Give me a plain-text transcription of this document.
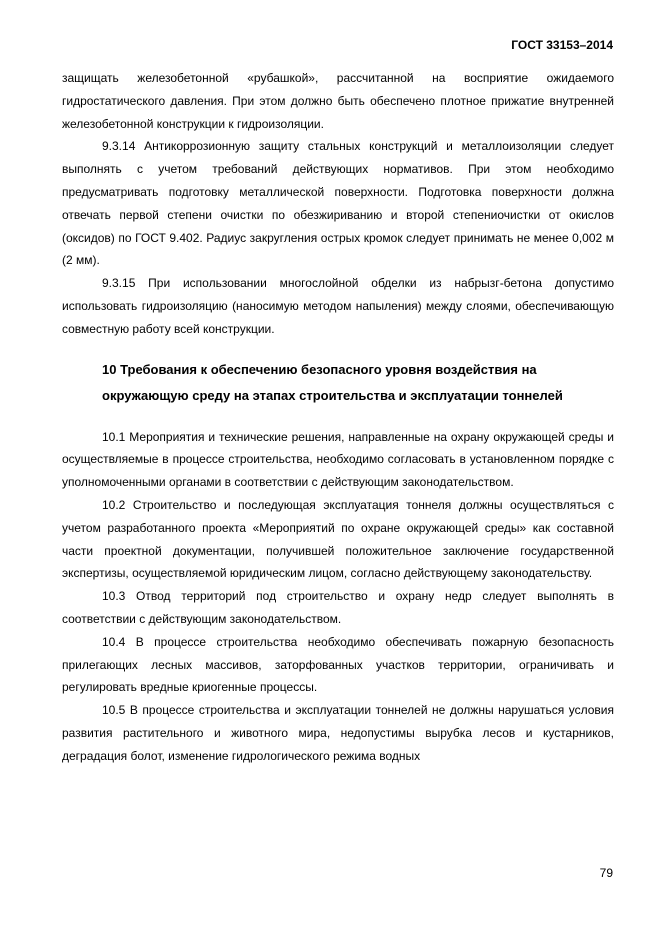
ГОСТ 33153–2014

защищать железобетонной «рубашкой», рассчитанной на восприятие ожидаемого гидростатического давления. При этом должно быть обеспечено плотное прижатие внутренней железобетонной конструкции к гидроизоляции.

9.3.14 Антикоррозионную защиту стальных конструкций и металлоизоляции следует выполнять с учетом требований действующих нормативов. При этом необходимо предусматривать подготовку металлической поверхности. Подготовка поверхности должна отвечать первой степени очистки по обезжириванию и второй степениочистки от окислов (оксидов) по ГОСТ 9.402. Радиус закругления острых кромок следует принимать не менее 0,002 м (2 мм).

9.3.15 При использовании многослойной обделки из набрызг-бетона допустимо использовать гидроизоляцию (наносимую методом напыления) между слоями, обеспечивающую совместную работу всей конструкции.

10 Требования к обеспечению безопасного уровня воздействия на окружающую среду на этапах строительства и эксплуатации тоннелей

10.1 Мероприятия и технические решения, направленные на охрану окружающей среды и осуществляемые в процессе строительства, необходимо согласовать в установленном порядке с уполномоченными органами в соответствии с действующим законодательством.

10.2 Строительство и последующая эксплуатация тоннеля должны осуществляться с учетом разработанного проекта «Мероприятий по охране окружающей среды» как составной части проектной документации, получившей положительное заключение государственной экспертизы, осуществляемой юридическим лицом, согласно действующему законодательству.

10.3 Отвод территорий под строительство и охрану недр следует выполнять в соответствии с действующим законодательством.

10.4 В процессе строительства необходимо обеспечивать пожарную безопасность прилегающих лесных массивов, заторфованных участков территории, ограничивать и регулировать вредные криогенные процессы.

10.5 В процессе строительства и эксплуатации тоннелей не должны нарушаться условия развития растительного и животного мира, недопустимы вырубка лесов и кустарников, деградация болот, изменение гидрологического режима водных

79
